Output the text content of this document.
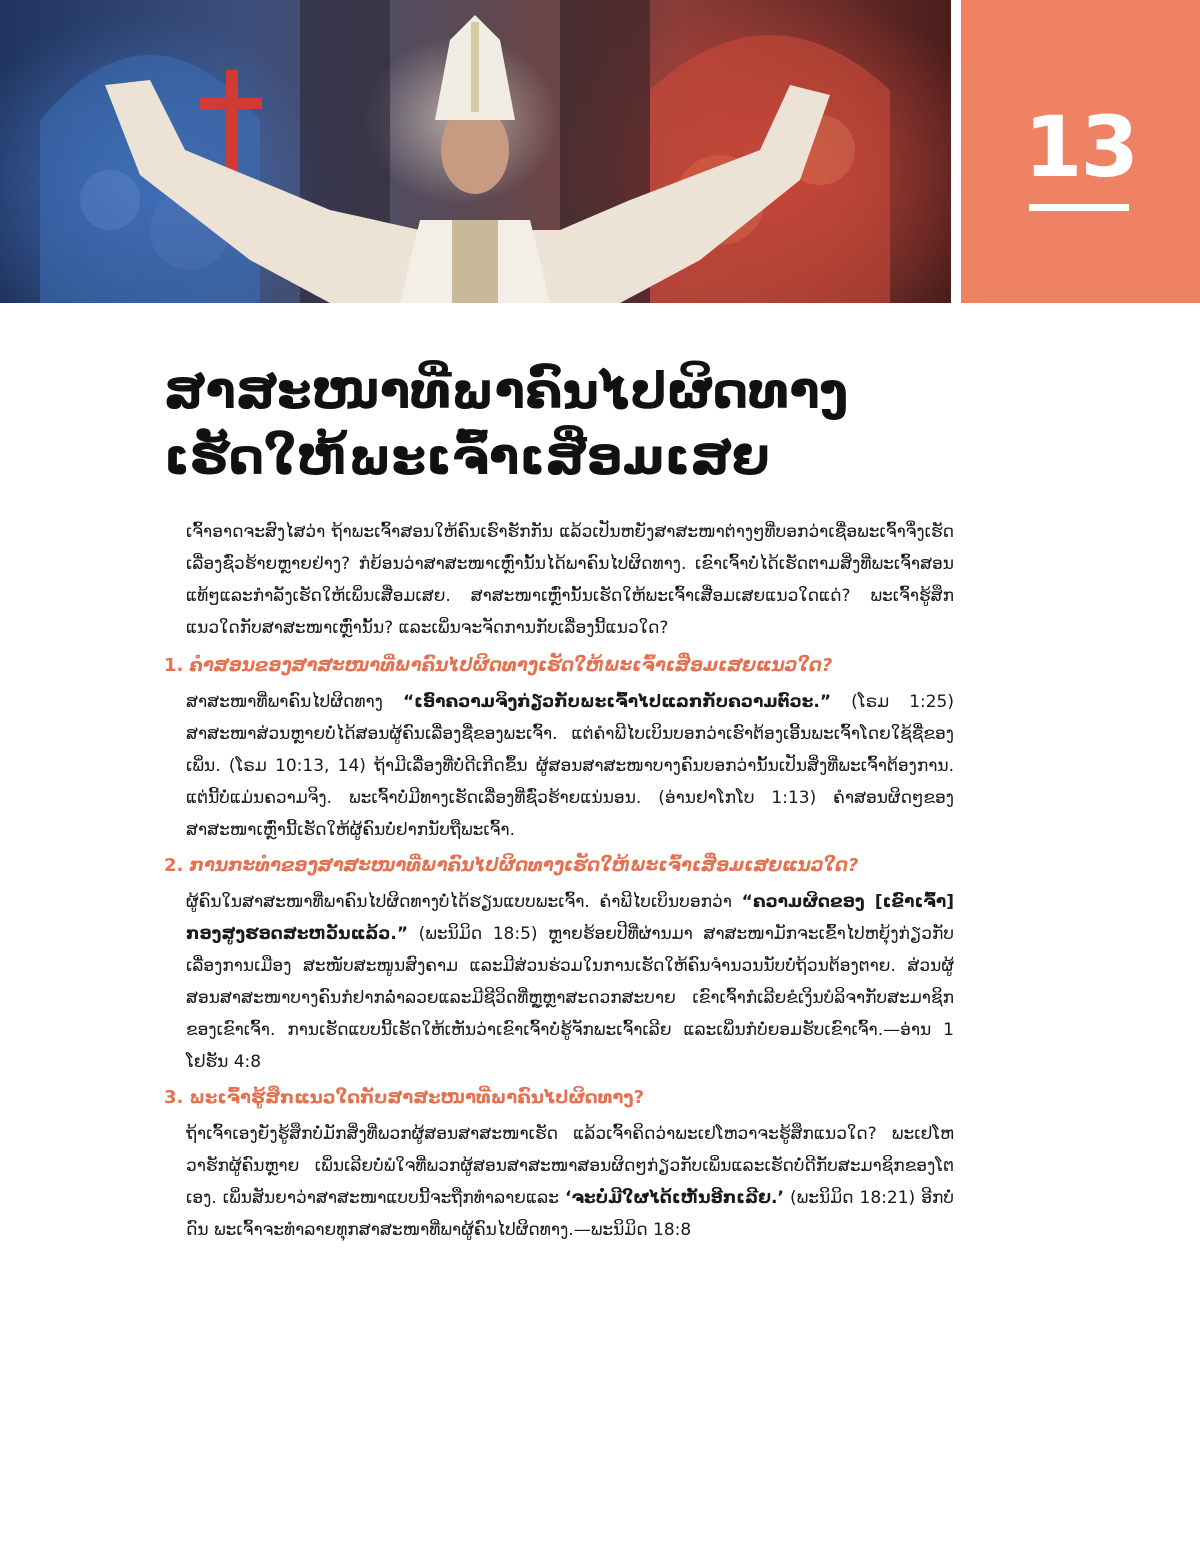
13
ສາສະໜາທີ່ພາຄົນໄປຜິດທາງ
ເຮັດໃຫ້ພະເຈົ້າເສື່ອມເສຍ

ເຈົ້າອາດຈະສົງໄສວ່າ ຖ້າພະເຈົ້າສອນໃຫ້ຄົນເຮົາຮັກກັນ ແລ້ວເປັນຫຍັງສາສະໜາຕ່າງໆທີ່ບອກວ່າເຊື່ອພະເຈົ້າຈຶ່ງເຮັດເລື່ອງຊົ່ວຮ້າຍຫຼາຍຢ່າງ? ກໍຍ້ອນວ່າສາສະໜາເຫຼົ່ານັ້ນໄດ້ພາຄົນໄປຜິດທາງ. ເຂົາເຈົ້າບໍ່ໄດ້ເຮັດຕາມສິ່ງທີ່ພະເຈົ້າສອນແທ້ໆແລະກຳລັງເຮັດໃຫ້ເພິ່ນເສື່ອມເສຍ. ສາສະໜາເຫຼົ່ານັ້ນເຮັດໃຫ້ພະເຈົ້າເສື່ອມເສຍແນວໃດແດ່? ພະເຈົ້າຮູ້ສຶກແນວໃດກັບສາສະໜາເຫຼົ່ານັ້ນ? ແລະເພິ່ນຈະຈັດການກັບເລື່ອງນີ້ແນວໃດ?

1. ຄຳສອນຂອງສາສະໜາທີ່ພາຄົນໄປຜິດທາງເຮັດໃຫ້ພະເຈົ້າເສື່ອມເສຍແນວໃດ?

ສາສະໜາທີ່ພາຄົນໄປຜິດທາງ “ເອົາຄວາມຈິງກ່ຽວກັບພະເຈົ້າໄປແລກກັບຄວາມຕົວະ.” (ໂຣມ 1:25) ສາສະໜາສ່ວນຫຼາຍບໍ່ໄດ້ສອນຜູ້ຄົນເລື່ອງຊື່ຂອງພະເຈົ້າ. ແຕ່ຄຳພີໄບເບິນບອກວ່າເຮົາຕ້ອງເອີ້ນພະເຈົ້າໂດຍໃຊ້ຊື່ຂອງເພິ່ນ. (ໂຣມ 10:13, 14) ຖ້າມີເລື່ອງທີ່ບໍ່ດີເກີດຂຶ້ນ ຜູ້ສອນສາສະໜາບາງຄົນບອກວ່ານັ້ນເປັນສິ່ງທີ່ພະເຈົ້າຕ້ອງການ. ແຕ່ນີ້ບໍ່ແມ່ນຄວາມຈິງ. ພະເຈົ້າບໍ່ມີທາງເຮັດເລື່ອງທີ່ຊົ່ວຮ້າຍແນ່ນອນ. (ອ່ານຢາໂກໂບ 1:13) ຄຳສອນຜິດໆຂອງສາສະໜາເຫຼົ່ານີ້ເຮັດໃຫ້ຜູ້ຄົນບໍ່ຢາກນັບຖືພະເຈົ້າ.

2. ການກະທຳຂອງສາສະໜາທີ່ພາຄົນໄປຜິດທາງເຮັດໃຫ້ພະເຈົ້າເສື່ອມເສຍແນວໃດ?

ຜູ້ຄົນໃນສາສະໜາທີ່ພາຄົນໄປຜິດທາງບໍ່ໄດ້ຮຽນແບບພະເຈົ້າ. ຄຳພີໄບເບິນບອກວ່າ “ຄວາມຜິດຂອງ [ເຂົາເຈົ້າ] ກອງສູງຮອດສະຫວັນແລ້ວ.” (ພະນິມິດ 18:5) ຫຼາຍຮ້ອຍປີທີ່ຜ່ານມາ ສາສະໜາມັກຈະເຂົ້າໄປຫຍຸ້ງກ່ຽວກັບເລື່ອງການເມືອງ ສະໜັບສະໜູນສົງຄາມ ແລະມີສ່ວນຮ່ວມໃນການເຮັດໃຫ້ຄົນຈຳນວນນັບບໍ່ຖ້ວນຕ້ອງຕາຍ. ສ່ວນຜູ້ສອນສາສະໜາບາງຄົນກໍຢາກລ່ຳລວຍແລະມີຊີວິດທີ່ຫຼູຫຼາສະດວກສະບາຍ ເຂົາເຈົ້າກໍເລີຍຂໍເງິນບໍລິຈາກັບສະມາຊິກຂອງເຂົາເຈົ້າ. ການເຮັດແບບນີ້ເຮັດໃຫ້ເຫັນວ່າເຂົາເຈົ້າບໍ່ຮູ້ຈັກພະເຈົ້າເລີຍ ແລະເພິ່ນກໍບໍ່ຍອມຮັບເຂົາເຈົ້າ.—ອ່ານ 1 ໂຢຮັນ 4:8

3. ພະເຈົ້າຮູ້ສຶກແນວໃດກັບສາສະໜາທີ່ພາຄົນໄປຜິດທາງ?

ຖ້າເຈົ້າເອງຍັງຮູ້ສຶກບໍ່ມັກສິ່ງທີ່ພວກຜູ້ສອນສາສະໜາເຮັດ ແລ້ວເຈົ້າຄິດວ່າພະເຢໂຫວາຈະຮູ້ສຶກແນວໃດ? ພະເຢໂຫວາຮັກຜູ້ຄົນຫຼາຍ ເພິ່ນເລີຍບໍ່ພໍໃຈທີ່ພວກຜູ້ສອນສາສະໜາສອນຜິດໆກ່ຽວກັບເພິ່ນແລະເຮັດບໍ່ດີກັບສະມາຊິກຂອງໂຕເອງ. ເພິ່ນສັນຍາວ່າສາສະໜາແບບນີ້ຈະຖືກທຳລາຍແລະ ‘ຈະບໍ່ມີໃຜໄດ້ເຫັນອີກເລີຍ.’ (ພະນິມິດ 18:21) ອີກບໍ່ດົນ ພະເຈົ້າຈະທຳລາຍທຸກສາສະໜາທີ່ພາຜູ້ຄົນໄປຜິດທາງ.—ພະນິມິດ 18:8
